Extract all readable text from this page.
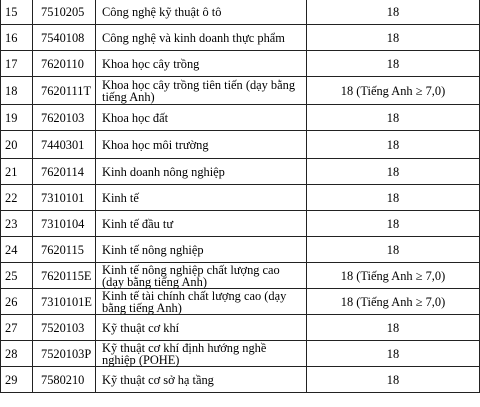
15	7510205	Công nghệ kỹ thuật ô tô	18
16	7540108	Công nghệ và kinh doanh thực phẩm	18
17	7620110	Khoa học cây trồng	18
18	7620111T	Khoa học cây trồng tiên tiến (dạy bằng tiếng Anh)	18 (Tiếng Anh ≥ 7,0)
19	7620103	Khoa học đất	18
20	7440301	Khoa học môi trường	18
21	7620114	Kinh doanh nông nghiệp	18
22	7310101	Kinh tế	18
23	7310104	Kinh tế đầu tư	18
24	7620115	Kinh tế nông nghiệp	18
25	7620115E	Kinh tế nông nghiệp chất lượng cao (dạy bằng tiếng Anh)	18 (Tiếng Anh ≥ 7,0)
26	7310101E	Kinh tế tài chính chất lượng cao (dạy bằng tiếng Anh)	18 (Tiếng Anh ≥ 7,0)
27	7520103	Kỹ thuật cơ khí	18
28	7520103P	Kỹ thuật cơ khí định hướng nghề nghiệp (POHE)	18
29	7580210	Kỹ thuật cơ sở hạ tầng	18
